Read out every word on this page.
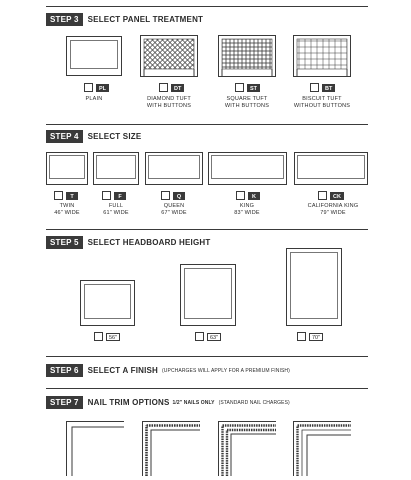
STEP 3	SELECT PANEL TREATMENT
PL	DT	ST	BT
PLAIN	DIAMOND TUFT
WITH BUTTONS
SQUARE TUFT
WITH BUTTONS
BISCUIT TUFT
WITHOUT BUTTONS
STEP 4	SELECT SIZE
T	F	Q	K	CK
TWIN
46" WIDE
FULL
61" WIDE
QUEEN
67" WIDE
KING
83" WIDE
CALIFORNIA KING
79" WIDE
STEP 5	SELECT HEADBOARD HEIGHT
56"	63"	70"
STEP 6	SELECT A FINISH (UPCHARGES WILL APPLY FOR A PREMIUM FINISH)
STEP 7	NAIL TRIM OPTIONS 1/2" NAILS ONLY (STANDARD NAIL CHARGES)
